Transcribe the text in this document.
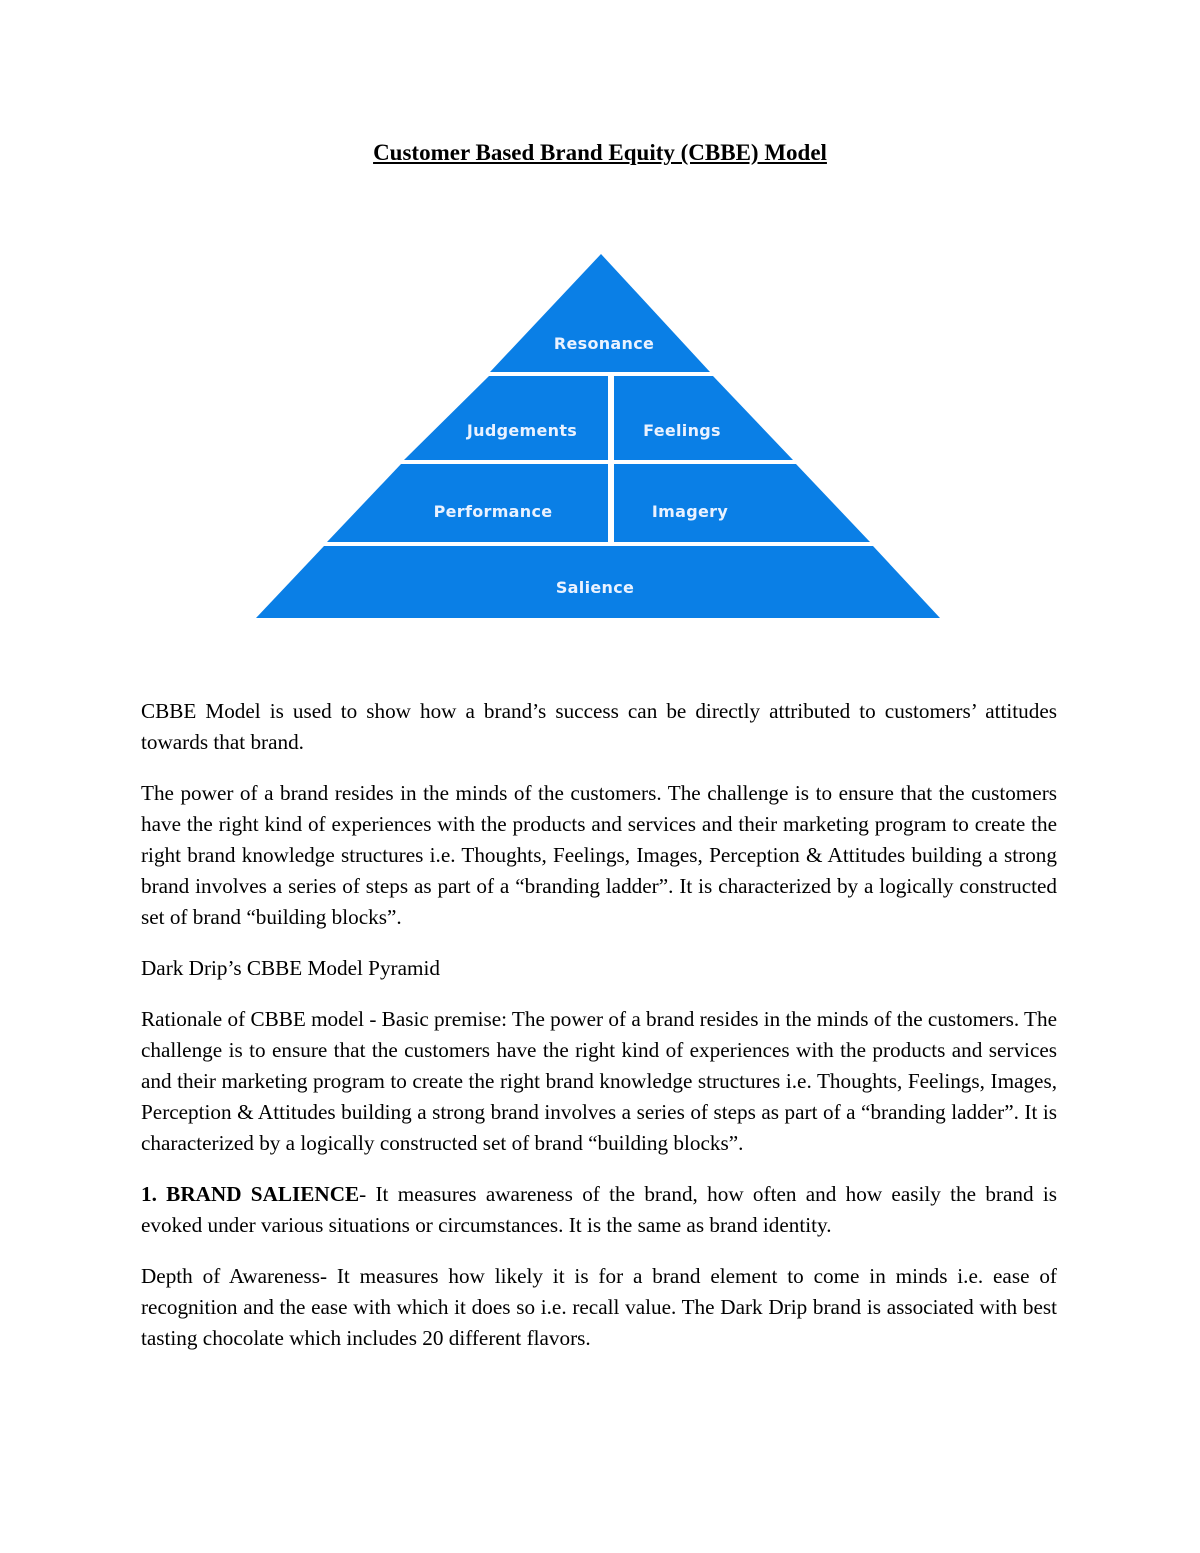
Customer Based Brand Equity (CBBE) Model
Resonance
Judgements	Feelings
Performance	Imagery
Salience

CBBE Model is used to show how a brand’s success can be directly attributed to customers’ attitudes towards that brand.

The power of a brand resides in the minds of the customers. The challenge is to ensure that the customers have the right kind of experiences with the products and services and their marketing program to create the right brand knowledge structures i.e. Thoughts, Feelings, Images, Perception & Attitudes building a strong brand involves a series of steps as part of a “branding ladder”. It is characterized by a logically constructed set of brand “building blocks”.

Dark Drip’s CBBE Model Pyramid

Rationale of CBBE model - Basic premise: The power of a brand resides in the minds of the customers. The challenge is to ensure that the customers have the right kind of experiences with the products and services and their marketing program to create the right brand knowledge structures i.e. Thoughts, Feelings, Images, Perception & Attitudes building a strong brand involves a series of steps as part of a “branding ladder”. It is characterized by a logically constructed set of brand “building blocks”.

1. BRAND SALIENCE- It measures awareness of the brand, how often and how easily the brand is evoked under various situations or circumstances. It is the same as brand identity.

Depth of Awareness- It measures how likely it is for a brand element to come in minds i.e. ease of recognition and the ease with which it does so i.e. recall value. The Dark Drip brand is associated with best tasting chocolate which includes 20 different flavors.
